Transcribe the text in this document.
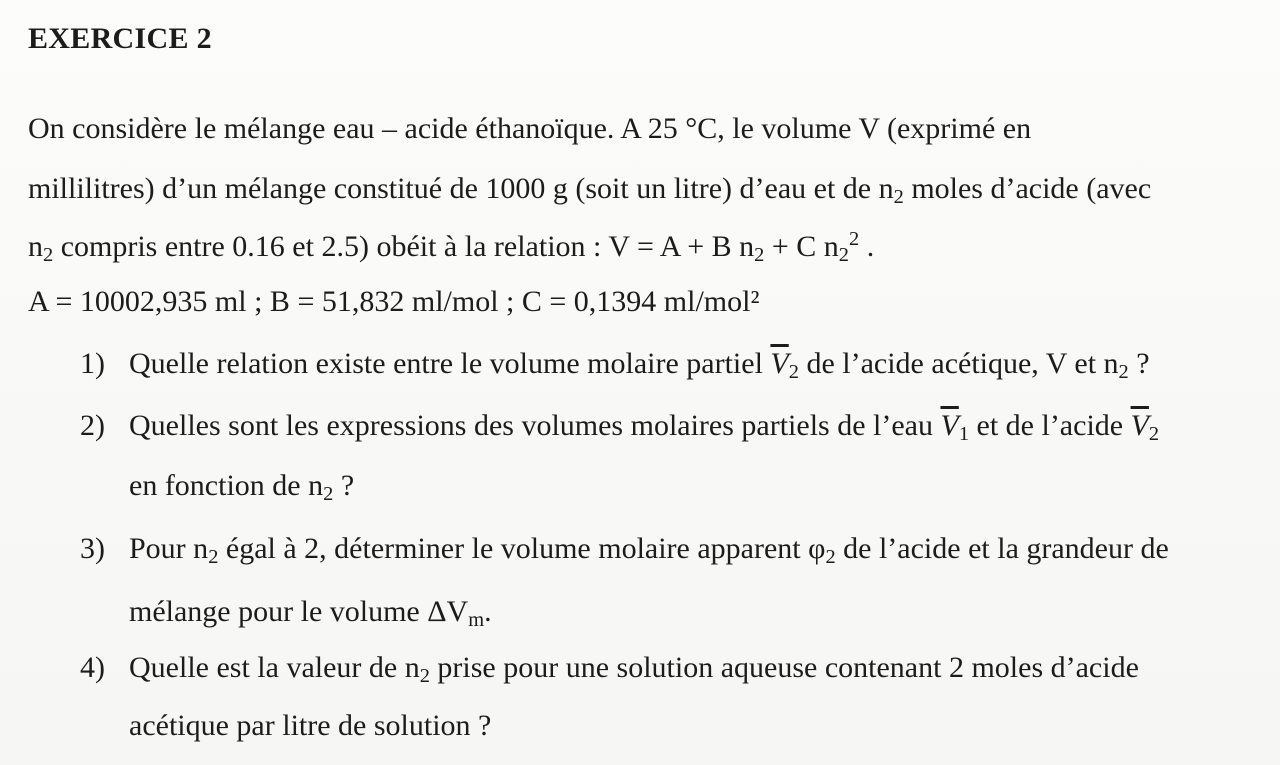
EXERCICE 2
On considère le mélange eau – acide éthanoïque. A 25 °C, le volume V (exprimé en
millilitres) d’un mélange constitué de 1000 g (soit un litre) d’eau et de $n_2$ moles d’acide (avec
$n_2$ compris entre 0.16 et 2.5) obéit à la relation : V = A + B $n_2 + C$ $n_2^2$ .
A = 10002,935 ml ; B = 51,832 ml/mol ; C = 0,1394 ml/mol²
1) Quelle relation existe entre le volume molaire partiel $\overline{V}_2$ de l’acide acétique, V et $n_2$ ?
2) Quelles sont les expressions des volumes molaires partiels de l’eau $\overline{V}_1$ et de l’acide $\overline{V}_2$
en fonction de $n_2$ ?
3) Pour $n_2$ égal à 2, déterminer le volume molaire apparent $\varphi_2$ de l’acide et la grandeur de
mélange pour le volume $\Delta V_m$.
4) Quelle est la valeur de $n_2$ prise pour une solution aqueuse contenant 2 moles d’acide
acétique par litre de solution ?
